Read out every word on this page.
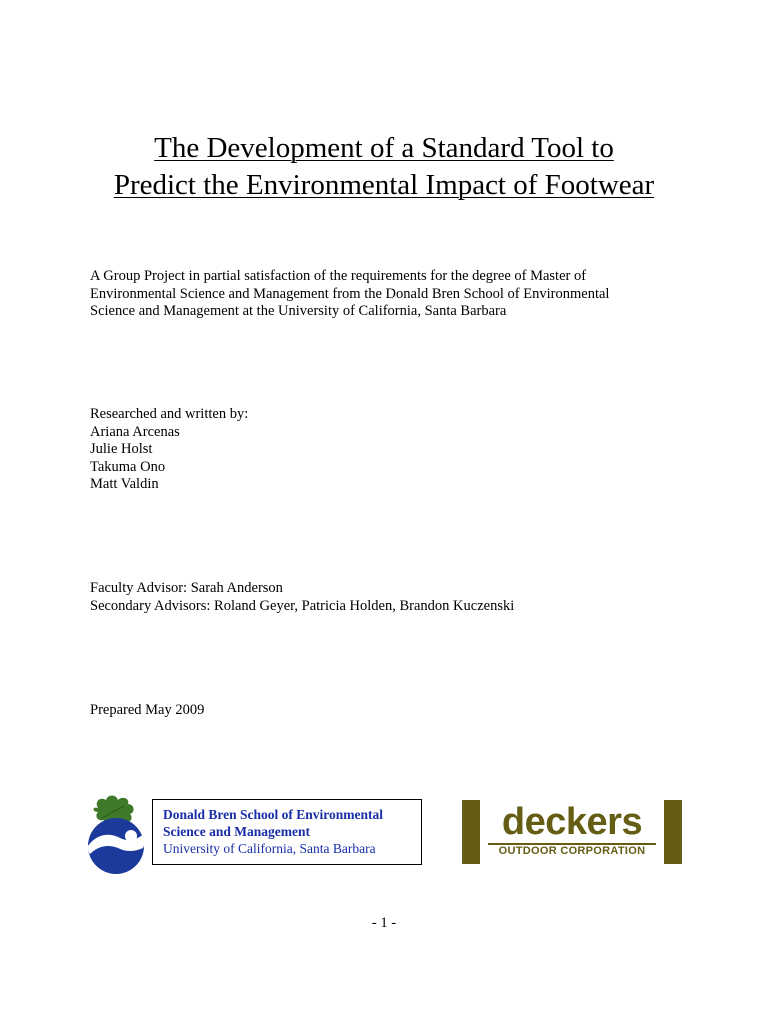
The Development of a Standard Tool to
Predict the Environmental Impact of Footwear
A Group Project in partial satisfaction of the requirements for the degree of Master of
Environmental Science and Management from the Donald Bren School of Environmental
Science and Management at the University of California, Santa Barbara
Researched and written by:
Ariana Arcenas
Julie Holst
Takuma Ono
Matt Valdin
Faculty Advisor: Sarah Anderson
Secondary Advisors: Roland Geyer, Patricia Holden, Brandon Kuczenski
Prepared May 2009
Donald Bren School of Environmental
Science and Management
University of California, Santa Barbara
deckers
OUTDOOR CORPORATION
- 1 -
